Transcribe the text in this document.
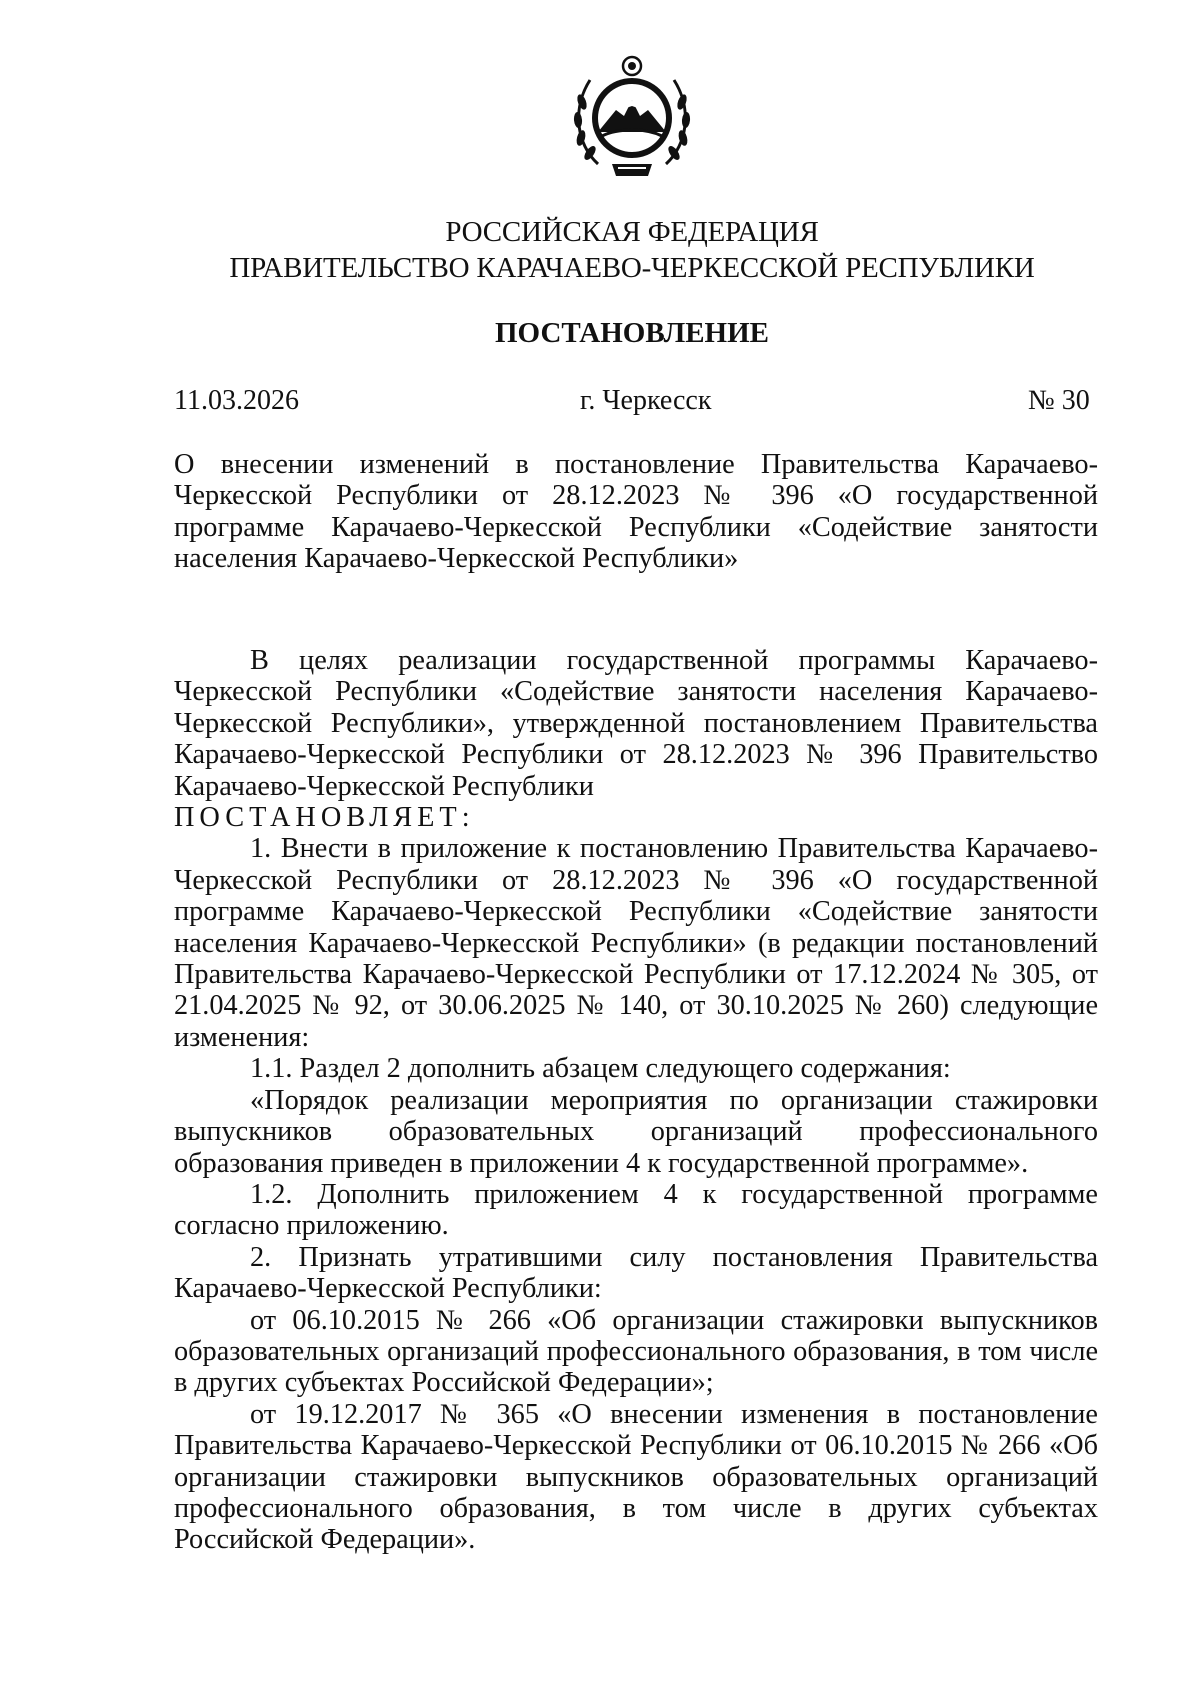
РОССИЙСКАЯ ФЕДЕРАЦИЯ
ПРАВИТЕЛЬСТВО КАРАЧАЕВО-ЧЕРКЕССКОЙ РЕСПУБЛИКИ
ПОСТАНОВЛЕНИЕ
11.03.2026	г. Черкесск	№ 30

О внесении изменений в постановление Правительства Карачаево-Черкесской Республики от 28.12.2023 № 396 «О государственной программе Карачаево-Черкесской Республики «Содействие занятости населения Карачаево-Черкесской Республики»

В целях реализации государственной программы Карачаево-Черкесской Республики «Содействие занятости населения Карачаево-Черкесской Республики», утвержденной постановлением Правительства Карачаево-Черкесской Республики от 28.12.2023 № 396 Правительство Карачаево-Черкесской Республики

ПОСТАНОВЛЯЕТ:

1. Внести в приложение к постановлению Правительства Карачаево-Черкесской Республики от 28.12.2023 № 396 «О государственной программе Карачаево-Черкесской Республики «Содействие занятости населения Карачаево-Черкесской Республики» (в редакции постановлений Правительства Карачаево-Черкесской Республики от 17.12.2024 № 305, от 21.04.2025 № 92, от 30.06.2025 № 140, от 30.10.2025 № 260) следующие изменения:

1.1. Раздел 2 дополнить абзацем следующего содержания:

«Порядок реализации мероприятия по организации стажировки выпускников образовательных организаций профессионального образования приведен в приложении 4 к государственной программе».

1.2. Дополнить приложением 4 к государственной программе согласно приложению.

2. Признать утратившими силу постановления Правительства Карачаево-Черкесской Республики:

от 06.10.2015 № 266 «Об организации стажировки выпускников образовательных организаций профессионального образования, в том числе в других субъектах Российской Федерации»;

от 19.12.2017 № 365 «О внесении изменения в постановление Правительства Карачаево-Черкесской Республики от 06.10.2015 № 266 «Об организации стажировки выпускников образовательных организаций профессионального образования, в том числе в других субъектах Российской Федерации».
